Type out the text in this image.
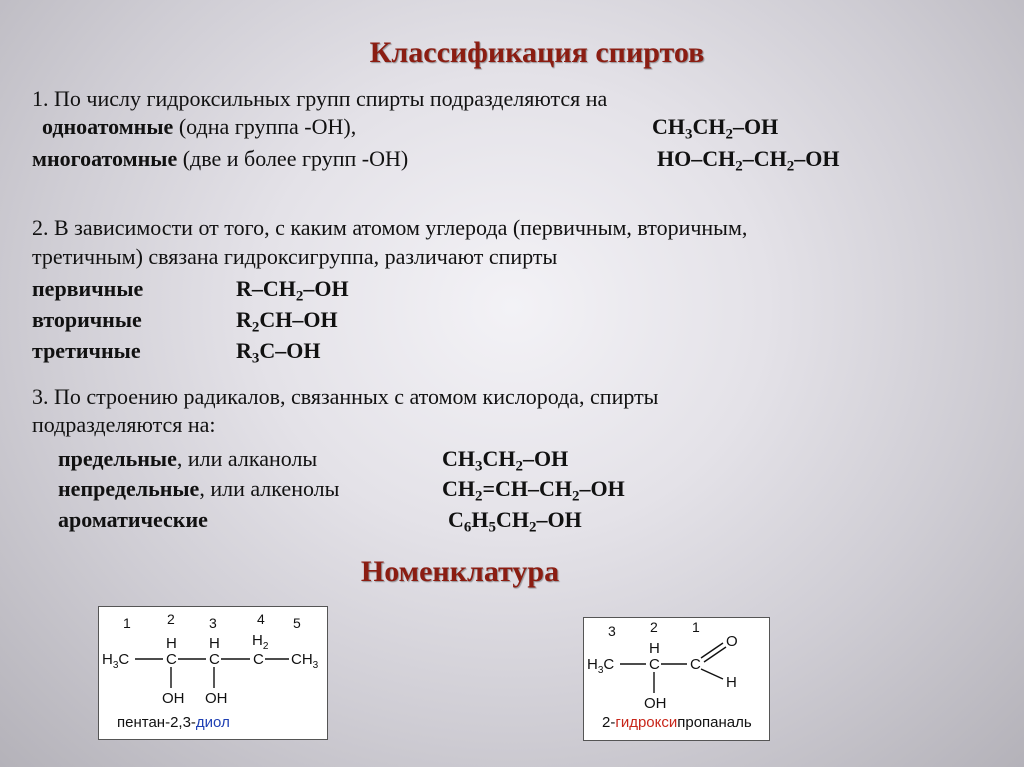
Классификация спиртов
1. По числу гидроксильных групп спирты подразделяются на
одноатомные (одна группа -OH),	$CH_3CH_2-OH$
многоатомные (две и более групп -OH)	$HO-CH_2-CH_2-OH$
2. В зависимости от того, с каким атомом углерода (первичным, вторичным,
третичным) связана гидроксигруппа, различают спирты
первичные	$R-CH_2-OH$
вторичные	$R_2CH-OH$
третичные	$R_3C-OH$
3. По строению радикалов, связанных с атомом кислорода, спирты
подразделяются на:
предельные, или алканолы	$CH_3CH_2-OH$
непредельные, или алкенолы	$CH_2=CH-CH_2-OH$
ароматические	$C_6H_5CH_2-OH$
Номенклатура
1	2 3	4 5
$H_3C$
H
C
H
C
$H_2$
C $CH_3$
OH OH
пентан-2,3-диол
3 2 1
$H_3C$
H
C C
O
H
OH
2-гидроксипропаналь
